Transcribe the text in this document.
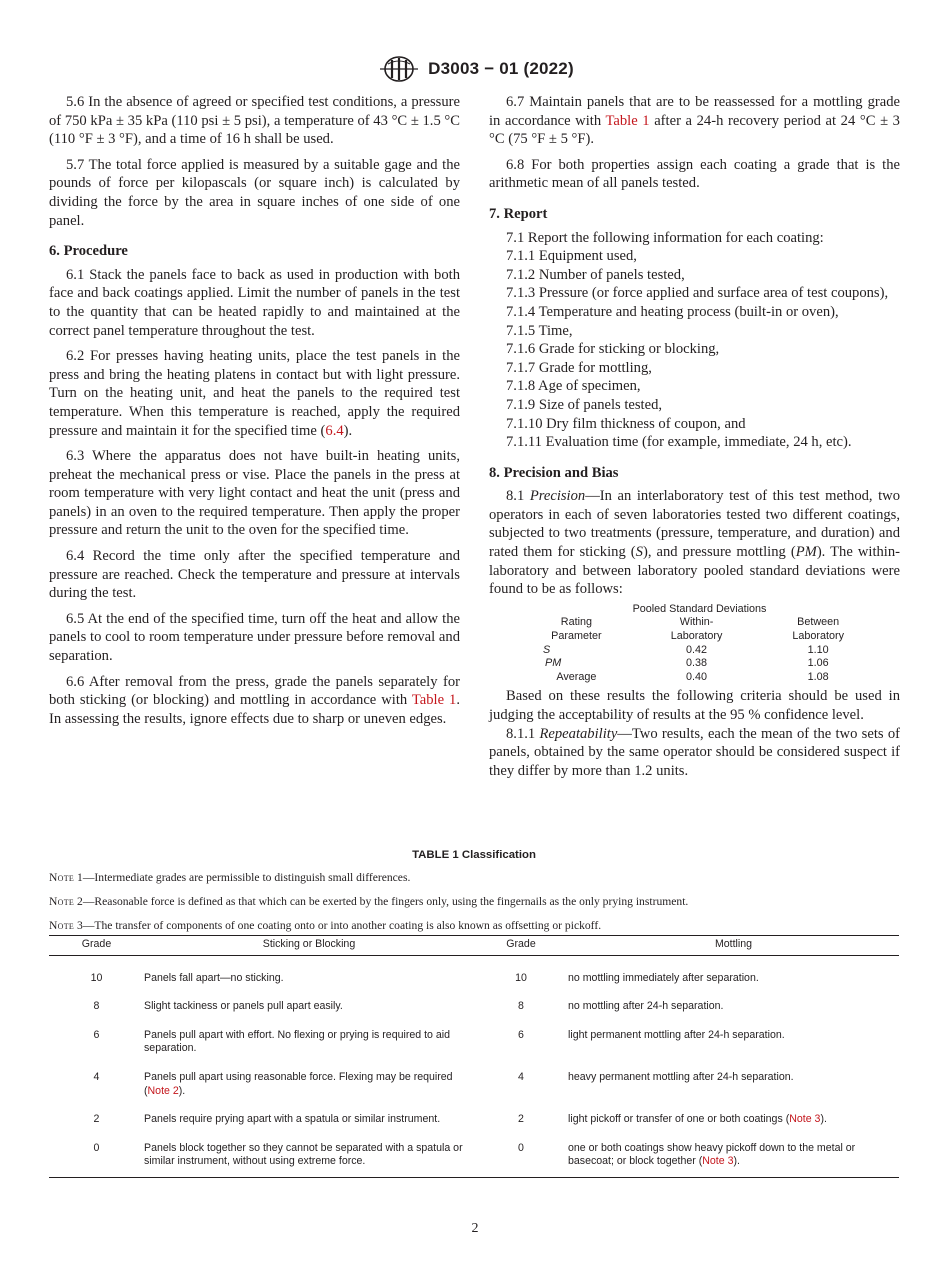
D3003 − 01 (2022)

5.6 In the absence of agreed or specified test conditions, a pressure of 750 kPa ± 35 kPa (110 psi ± 5 psi), a temperature of 43 °C ± 1.5 °C (110 °F ± 3 °F), and a time of 16 h shall be used.

5.7 The total force applied is measured by a suitable gage and the pounds of force per kilopascals (or square inch) is calculated by dividing the force by the area in square inches of one side of one panel.

6. Procedure

6.1 Stack the panels face to back as used in production with both face and back coatings applied. Limit the number of panels in the test to the quantity that can be heated rapidly to and maintained at the correct panel temperature throughout the test.

6.2 For presses having heating units, place the test panels in the press and bring the heating platens in contact but with light pressure. Turn on the heating unit, and heat the panels to the required test temperature. When this temperature is reached, apply the required pressure and maintain it for the specified time (6.4).

6.3 Where the apparatus does not have built-in heating units, preheat the mechanical press or vise. Place the panels in the press at room temperature with very light contact and heat the unit (press and panels) in an oven to the required temperature. Then apply the proper pressure and return the unit to the oven for the specified time.

6.4 Record the time only after the specified temperature and pressure are reached. Check the temperature and pressure at intervals during the test.

6.5 At the end of the specified time, turn off the heat and allow the panels to cool to room temperature under pressure before removal and separation.

6.6 After removal from the press, grade the panels separately for both sticking (or blocking) and mottling in accordance with Table 1. In assessing the results, ignore effects due to sharp or uneven edges.

6.7 Maintain panels that are to be reassessed for a mottling grade in accordance with Table 1 after a 24-h recovery period at 24 °C ± 3 °C (75 °F ± 5 °F).

6.8 For both properties assign each coating a grade that is the arithmetic mean of all panels tested.

7. Report

7.1 Report the following information for each coating:

7.1.1 Equipment used,

7.1.2 Number of panels tested,

7.1.3 Pressure (or force applied and surface area of test coupons),

7.1.4 Temperature and heating process (built-in or oven),

7.1.5 Time,

7.1.6 Grade for sticking or blocking,

7.1.7 Grade for mottling,

7.1.8 Age of specimen,

7.1.9 Size of panels tested,

7.1.10 Dry film thickness of coupon, and

7.1.11 Evaluation time (for example, immediate, 24 h, etc).

8. Precision and Bias

8.1 Precision—In an interlaboratory test of this test method, two operators in each of seven laboratories tested two different coatings, subjected to two treatments (pressure, temperature, and duration) and rated them for sticking (S), and pressure mottling (PM). The within-laboratory and between laboratory pooled standard deviations were found to be as follows:

Pooled Standard Deviations
Rating	Within-	Between
Parameter	Laboratory	Laboratory
S	0.42	1.10
PM	0.38	1.06
Average	0.40	1.08

Based on these results the following criteria should be used in judging the acceptability of results at the 95 % confidence level.

8.1.1 Repeatability—Two results, each the mean of the two sets of panels, obtained by the same operator should be considered suspect if they differ by more than 1.2 units.

TABLE 1 Classification
Note 1—Intermediate grades are permissible to distinguish small differences.
Note 2—Reasonable force is defined as that which can be exerted by the fingers only, using the fingernails as the only prying instrument.
Note 3—The transfer of components of one coating onto or into another coating is also known as offsetting or pickoff.
Grade	Sticking or Blocking	Grade	Mottling
10	Panels fall apart—no sticking.	10	no mottling immediately after separation.
8	Slight tackiness or panels pull apart easily.	8	no mottling after 24-h separation.
6	Panels pull apart with effort. No flexing or prying is required to aid separation.	6	light permanent mottling after 24-h separation.
4	Panels pull apart using reasonable force. Flexing may be required (Note 2).	4	heavy permanent mottling after 24-h separation.
2	Panels require prying apart with a spatula or similar instrument.	2	light pickoff or transfer of one or both coatings (Note 3).
0	Panels block together so they cannot be separated with a spatula or similar instrument, without using extreme force.	0	one or both coatings show heavy pickoff down to the metal or basecoat; or block together (Note 3).
2
